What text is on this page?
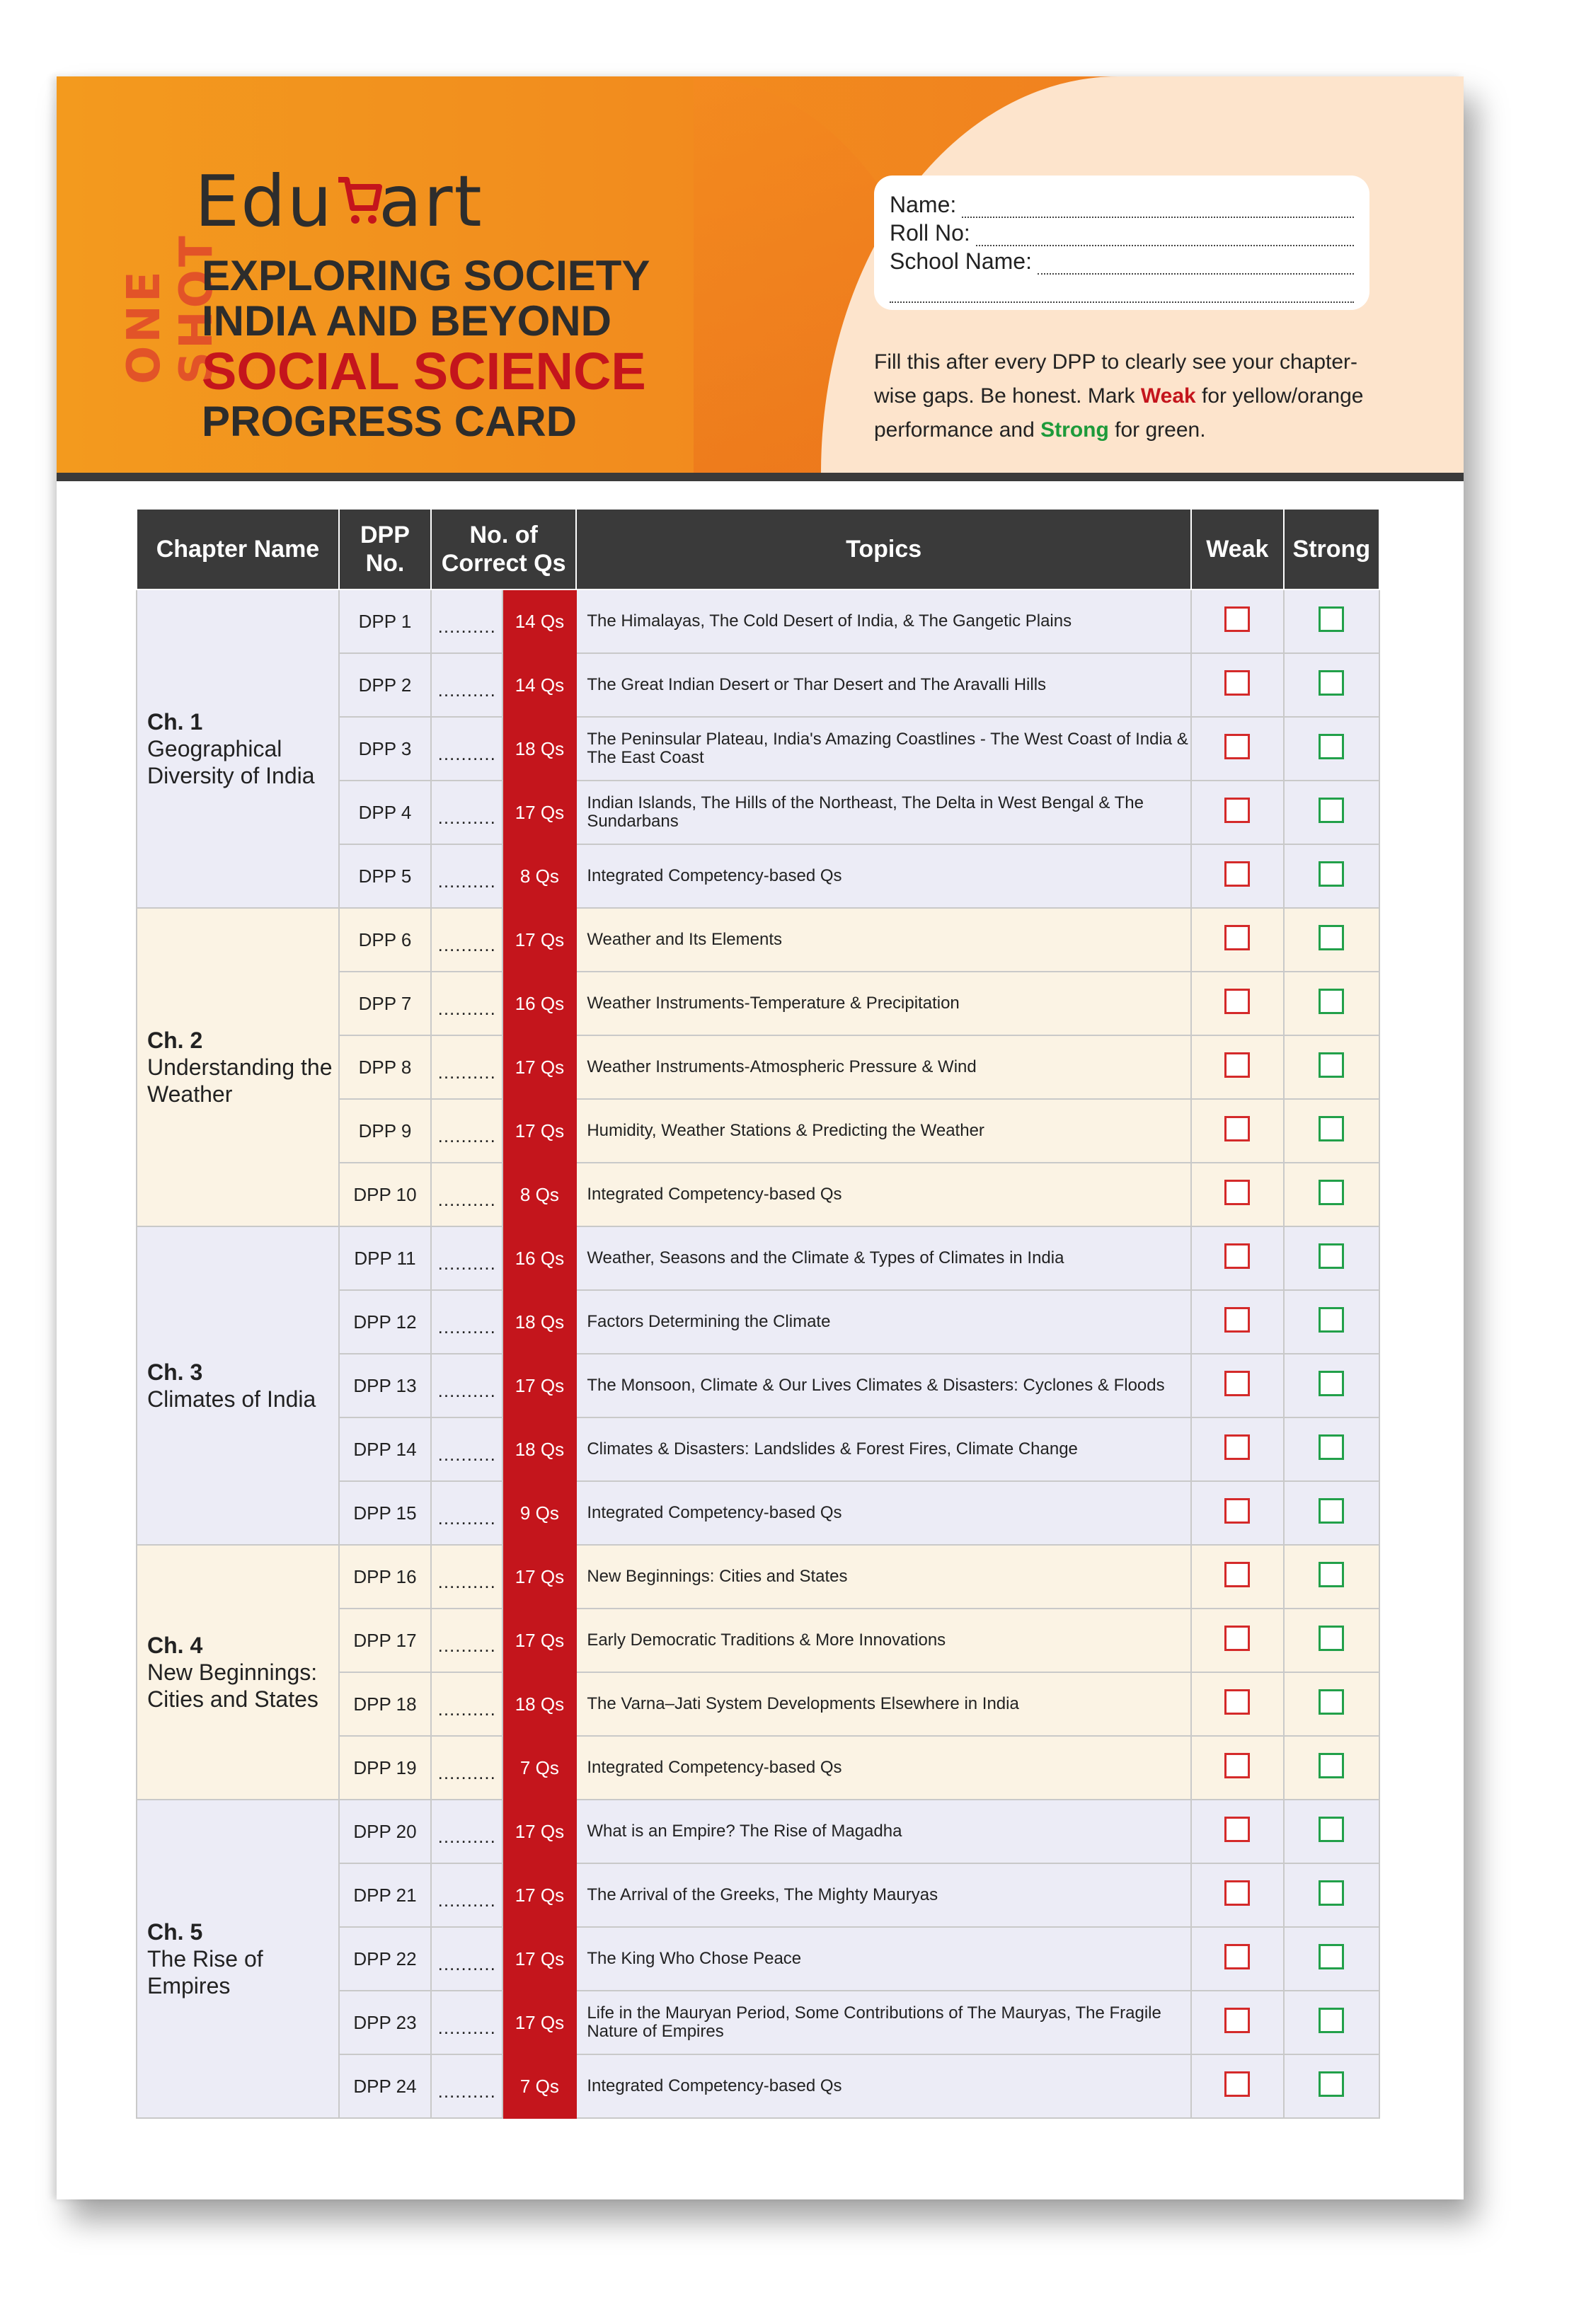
ONE SHOT
Edu art
EXPLORING SOCIETY
INDIA AND BEYOND
SOCIAL SCIENCE
PROGRESS CARD
Name:
Roll No:
School Name:
Fill this after every DPP to clearly see your chapter-wise gaps. Be honest. Mark Weak for yellow/orange performance and Strong for green.
Chapter Name	DPP No.	No. of Correct Qs		Topics	Weak	Strong

Ch. 1
Geographical Diversity of India	DPP 1	..........	14 Qs	The Himalayas, The Cold Desert of India, & The Gangetic Plains		
	DPP 2	..........	14 Qs	The Great Indian Desert or Thar Desert and The Aravalli Hills		
	DPP 3	..........	18 Qs	The Peninsular Plateau, India's Amazing Coastlines - The West Coast of India & The East Coast		
	DPP 4	..........	17 Qs	Indian Islands, The Hills of the Northeast, The Delta in West Bengal & The Sundarbans		
	DPP 5	..........	8 Qs	Integrated Competency-based Qs		

Ch. 2
Understanding the Weather	DPP 6	..........	17 Qs	Weather and Its Elements		
	DPP 7	..........	16 Qs	Weather Instruments-Temperature & Precipitation		
	DPP 8	..........	17 Qs	Weather Instruments-Atmospheric Pressure & Wind		
	DPP 9	..........	17 Qs	Humidity, Weather Stations & Predicting the Weather		
	DPP 10	..........	8 Qs	Integrated Competency-based Qs		

Ch. 3
Climates of India	DPP 11	..........	16 Qs	Weather, Seasons and the Climate & Types of Climates in India		
	DPP 12	..........	18 Qs	Factors Determining the Climate		
	DPP 13	..........	17 Qs	The Monsoon, Climate & Our Lives Climates & Disasters: Cyclones & Floods		
	DPP 14	..........	18 Qs	Climates & Disasters: Landslides & Forest Fires, Climate Change		
	DPP 15	..........	9 Qs	Integrated Competency-based Qs		

Ch. 4
New Beginnings: Cities and States	DPP 16	..........	17 Qs	New Beginnings: Cities and States		
	DPP 17	..........	17 Qs	Early Democratic Traditions & More Innovations		
	DPP 18	..........	18 Qs	The Varna–Jati System Developments Elsewhere in India		
	DPP 19	..........	7 Qs	Integrated Competency-based Qs		

Ch. 5
The Rise of Empires	DPP 20	..........	17 Qs	What is an Empire? The Rise of Magadha		
	DPP 21	..........	17 Qs	The Arrival of the Greeks, The Mighty Mauryas		
	DPP 22	..........	17 Qs	The King Who Chose Peace		
	DPP 23	..........	17 Qs	Life in the Mauryan Period, Some Contributions of The Mauryas, The Fragile Nature of Empires		
	DPP 24	..........	7 Qs	Integrated Competency-based Qs		
